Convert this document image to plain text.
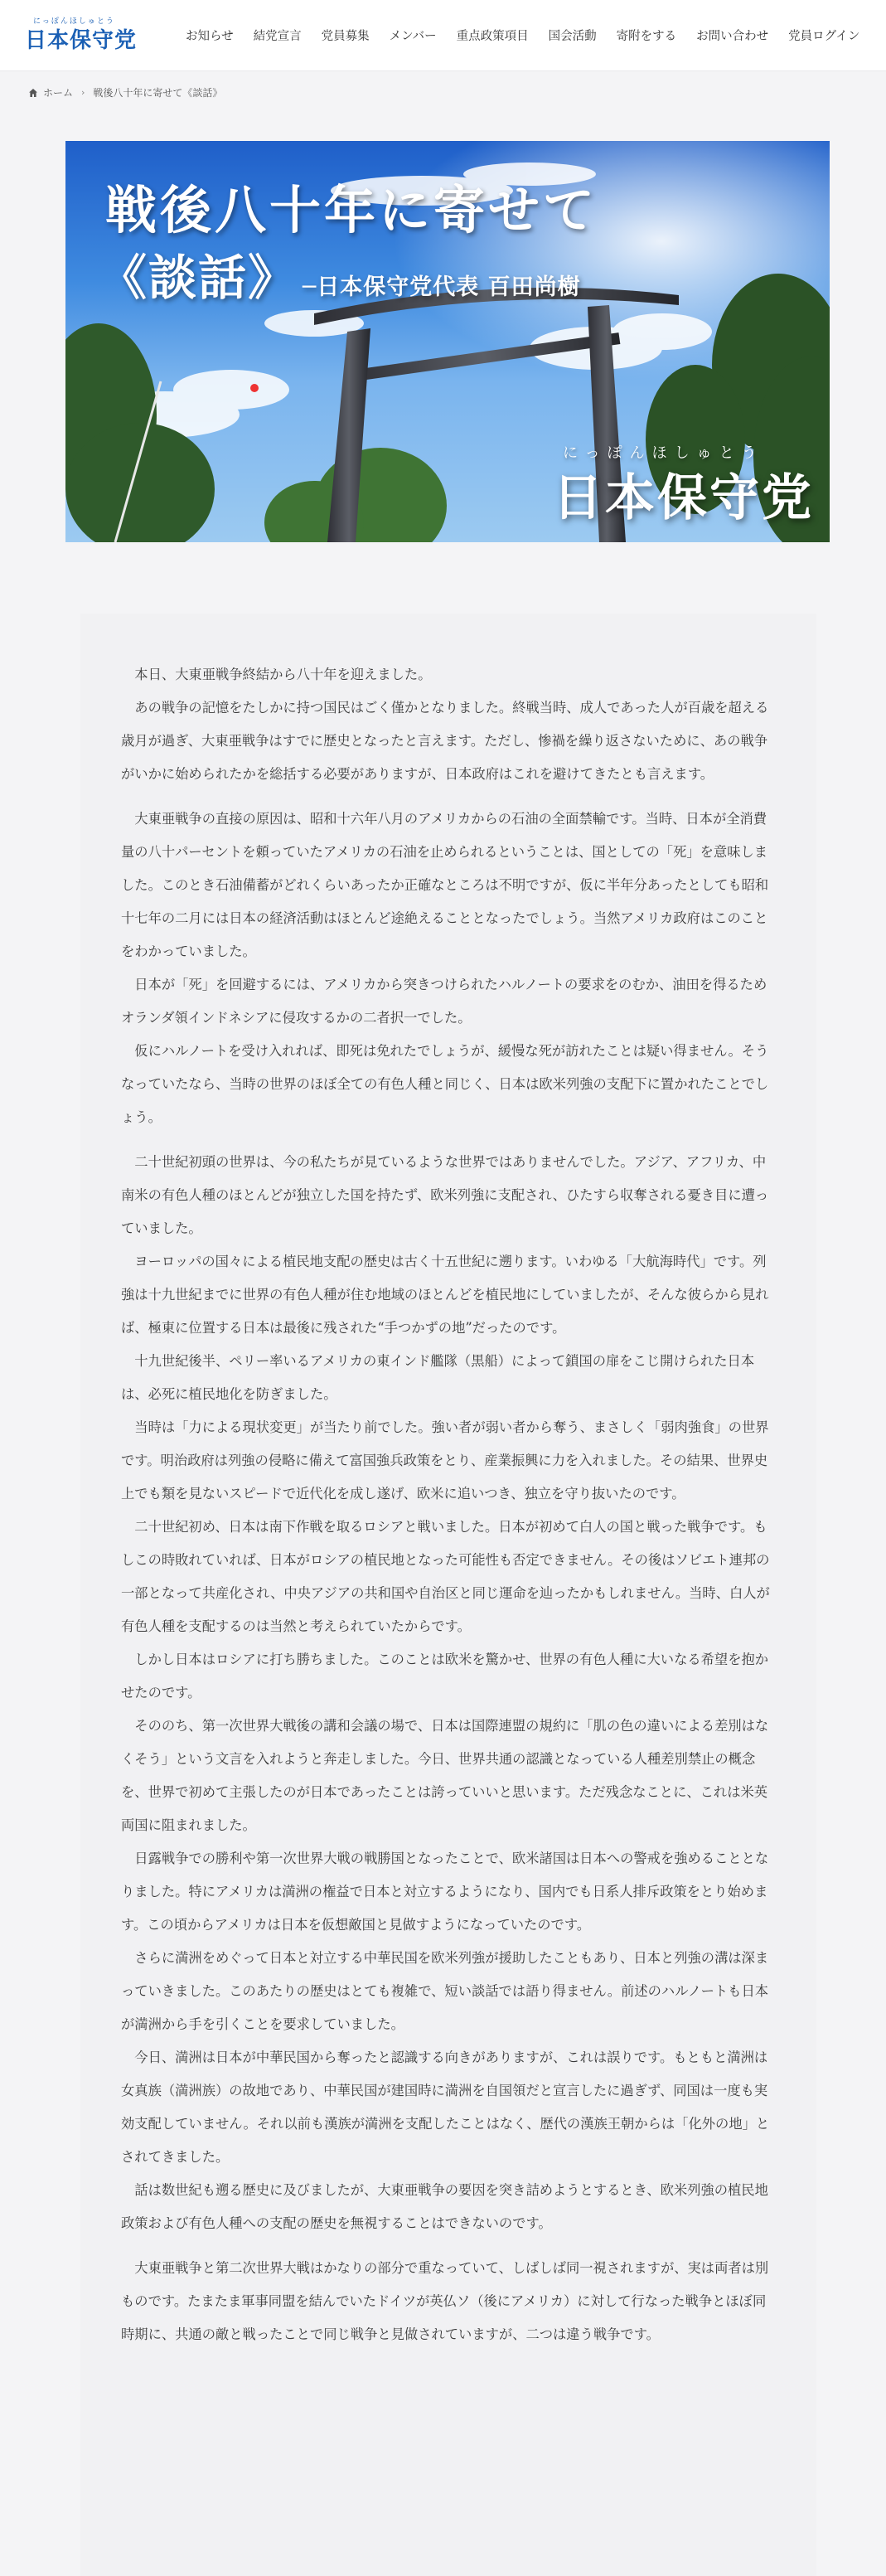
にっぽんほしゅとう
日本保守党	お知らせ	結党宣言	党員募集	メンバー	重点政策項目	国会活動	寄附をする	お問い合わせ	党員ログイン
ホーム › 戦後八十年に寄せて《談話》
戦後八十年に寄せて
《談話》 ─日本保守党代表 百田尚樹
にっぽんほしゅとう
日本保守党

本日、大東亜戦争終結から八十年を迎えました。

あの戦争の記憶をたしかに持つ国民はごく僅かとなりました。終戦当時、成人であった人が百歳を超える歳月が過ぎ、大東亜戦争はすでに歴史となったと言えます。ただし、惨禍を繰り返さないために、あの戦争がいかに始められたかを総括する必要がありますが、日本政府はこれを避けてきたとも言えます。

大東亜戦争の直接の原因は、昭和十六年八月のアメリカからの石油の全面禁輸です。当時、日本が全消費量の八十パーセントを頼っていたアメリカの石油を止められるということは、国としての「死」を意味しました。このとき石油備蓄がどれくらいあったか正確なところは不明ですが、仮に半年分あったとしても昭和十七年の二月には日本の経済活動はほとんど途絶えることとなったでしょう。当然アメリカ政府はこのことをわかっていました。

日本が「死」を回避するには、アメリカから突きつけられたハルノートの要求をのむか、油田を得るためオランダ領インドネシアに侵攻するかの二者択一でした。

仮にハルノートを受け入れれば、即死は免れたでしょうが、緩慢な死が訪れたことは疑い得ません。そうなっていたなら、当時の世界のほぼ全ての有色人種と同じく、日本は欧米列強の支配下に置かれたことでしょう。

二十世紀初頭の世界は、今の私たちが見ているような世界ではありませんでした。アジア、アフリカ、中南米の有色人種のほとんどが独立した国を持たず、欧米列強に支配され、ひたすら収奪される憂き目に遭っていました。

ヨーロッパの国々による植民地支配の歴史は古く十五世紀に遡ります。いわゆる「大航海時代」です。列強は十九世紀までに世界の有色人種が住む地域のほとんどを植民地にしていましたが、そんな彼らから見れば、極東に位置する日本は最後に残された“手つかずの地”だったのです。

十九世紀後半、ペリー率いるアメリカの東インド艦隊（黒船）によって鎖国の扉をこじ開けられた日本は、必死に植民地化を防ぎました。

当時は「力による現状変更」が当たり前でした。強い者が弱い者から奪う、まさしく「弱肉強食」の世界です。明治政府は列強の侵略に備えて富国強兵政策をとり、産業振興に力を入れました。その結果、世界史上でも類を見ないスピードで近代化を成し遂げ、欧米に追いつき、独立を守り抜いたのです。

二十世紀初め、日本は南下作戦を取るロシアと戦いました。日本が初めて白人の国と戦った戦争です。もしこの時敗れていれば、日本がロシアの植民地となった可能性も否定できません。その後はソビエト連邦の一部となって共産化され、中央アジアの共和国や自治区と同じ運命を辿ったかもしれません。当時、白人が有色人種を支配するのは当然と考えられていたからです。

しかし日本はロシアに打ち勝ちました。このことは欧米を驚かせ、世界の有色人種に大いなる希望を抱かせたのです。

そののち、第一次世界大戦後の講和会議の場で、日本は国際連盟の規約に「肌の色の違いによる差別はなくそう」という文言を入れようと奔走しました。今日、世界共通の認識となっている人種差別禁止の概念を、世界で初めて主張したのが日本であったことは誇っていいと思います。ただ残念なことに、これは米英両国に阻まれました。

日露戦争での勝利や第一次世界大戦の戦勝国となったことで、欧米諸国は日本への警戒を強めることとなりました。特にアメリカは満洲の権益で日本と対立するようになり、国内でも日系人排斥政策をとり始めます。この頃からアメリカは日本を仮想敵国と見做すようになっていたのです。

さらに満洲をめぐって日本と対立する中華民国を欧米列強が援助したこともあり、日本と列強の溝は深まっていきました。このあたりの歴史はとても複雑で、短い談話では語り得ません。前述のハルノートも日本が満洲から手を引くことを要求していました。

今日、満洲は日本が中華民国から奪ったと認識する向きがありますが、これは誤りです。もともと満洲は女真族（満洲族）の故地であり、中華民国が建国時に満洲を自国領だと宣言したに過ぎず、同国は一度も実効支配していません。それ以前も漢族が満洲を支配したことはなく、歴代の漢族王朝からは「化外の地」とされてきました。

話は数世紀も遡る歴史に及びましたが、大東亜戦争の要因を突き詰めようとするとき、欧米列強の植民地政策および有色人種への支配の歴史を無視することはできないのです。

大東亜戦争と第二次世界大戦はかなりの部分で重なっていて、しばしば同一視されますが、実は両者は別ものです。たまたま軍事同盟を結んでいたドイツが英仏ソ（後にアメリカ）に対して行なった戦争とほぼ同時期に、共通の敵と戦ったことで同じ戦争と見做されていますが、二つは違う戦争です。
